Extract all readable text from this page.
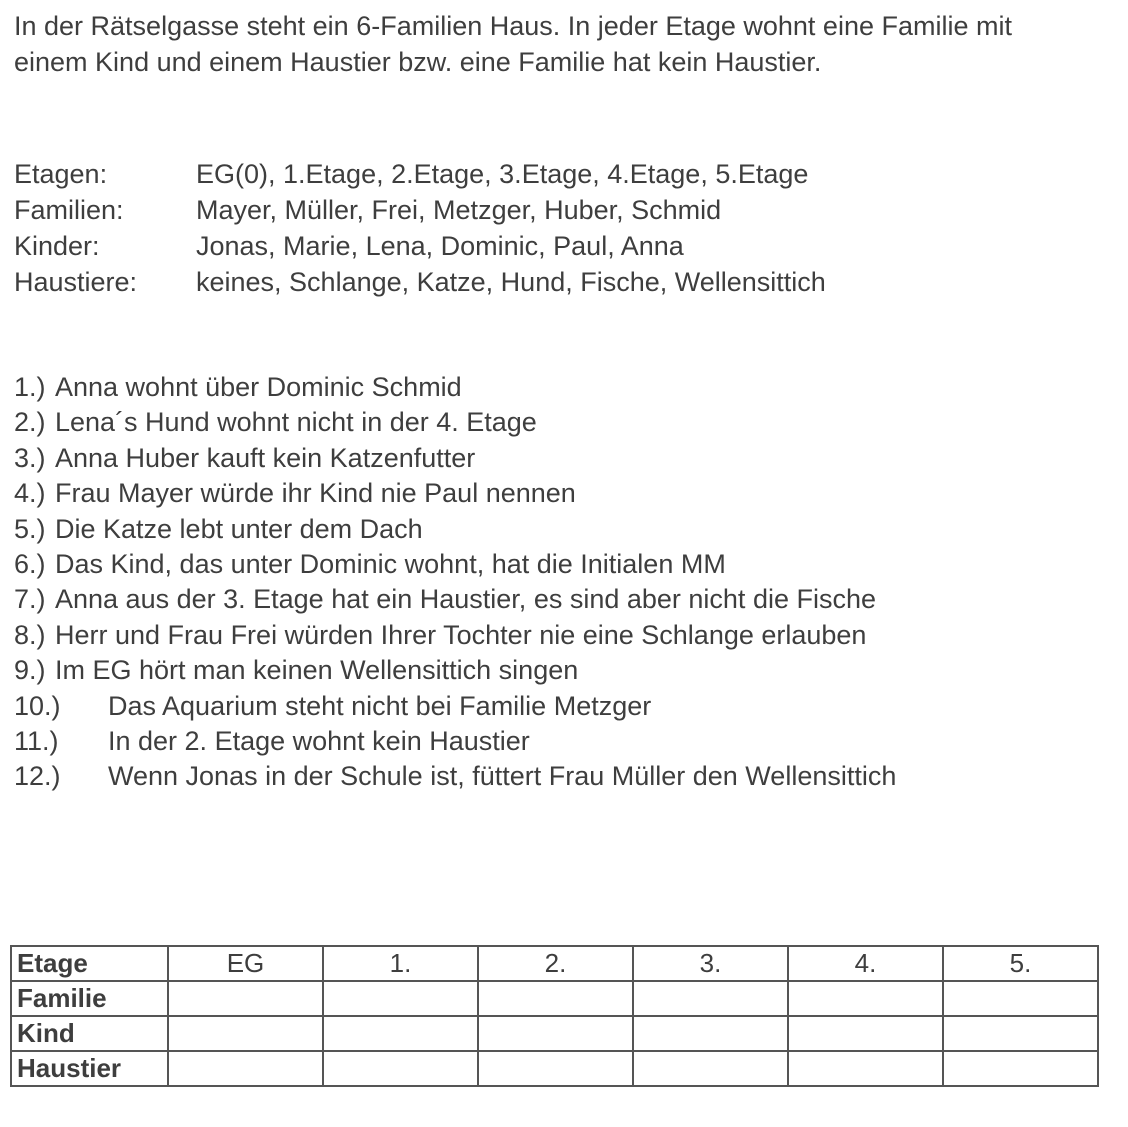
In der Rätselgasse steht ein 6-Familien Haus. In jeder Etage wohnt eine Familie mit
einem Kind und einem Haustier bzw. eine Familie hat kein Haustier.
Etagen:	EG(0), 1.Etage, 2.Etage, 3.Etage, 4.Etage, 5.Etage
Familien:	Mayer, Müller, Frei, Metzger, Huber, Schmid
Kinder:	Jonas, Marie, Lena, Dominic, Paul, Anna
Haustiere: keines, Schlange, Katze, Hund, Fische, Wellensittich
1.) Anna wohnt über Dominic Schmid
2.) Lena´s Hund wohnt nicht in der 4. Etage
3.) Anna Huber kauft kein Katzenfutter
4.) Frau Mayer würde ihr Kind nie Paul nennen
5.) Die Katze lebt unter dem Dach
6.) Das Kind, das unter Dominic wohnt, hat die Initialen MM
7.) Anna aus der 3. Etage hat ein Haustier, es sind aber nicht die Fische
8.) Herr und Frau Frei würden Ihrer Tochter nie eine Schlange erlauben
9.) Im EG hört man keinen Wellensittich singen
10.) Das Aquarium steht nicht bei Familie Metzger
11.) In der 2. Etage wohnt kein Haustier
12.) Wenn Jonas in der Schule ist, füttert Frau Müller den Wellensittich
Etage	EG	1.	2.	3.	4.	5.
Familie						
Kind						
Haustier						
